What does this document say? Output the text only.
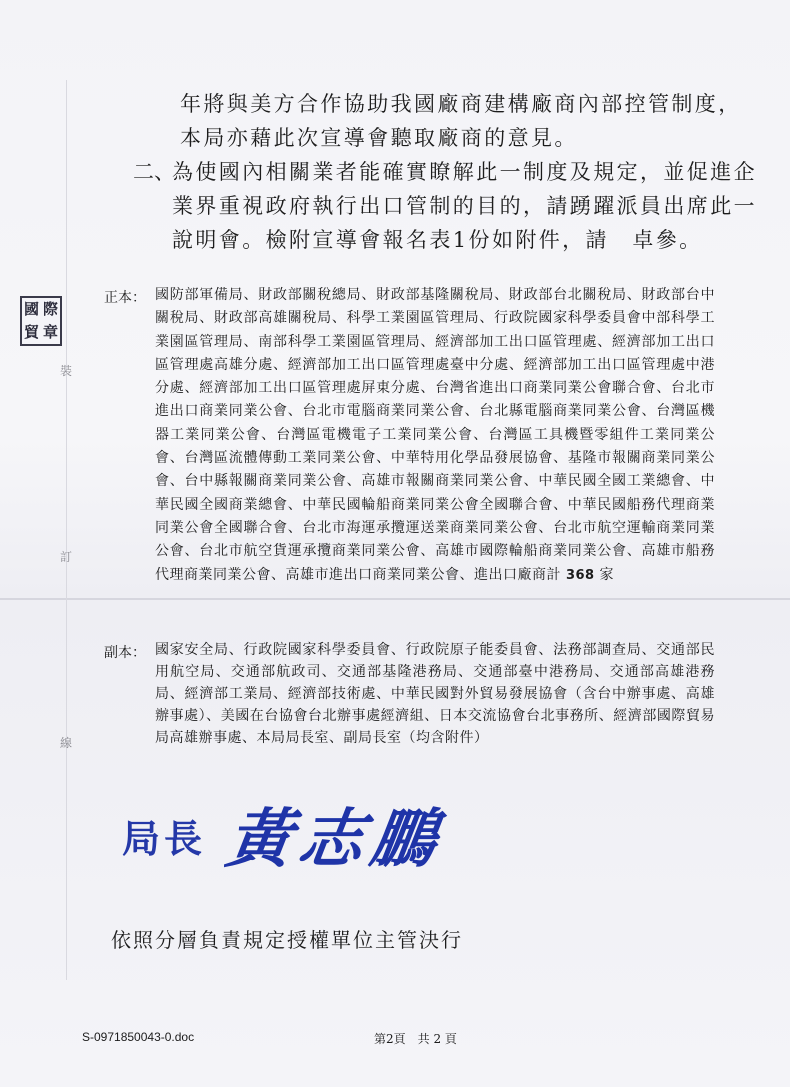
裝
訂
線
國 際
貿 章
年將與美方合作協助我國廠商建構廠商內部控管制度，
本局亦藉此次宣導會聽取廠商的意見。
二、
為使國內相關業者能確實瞭解此一制度及規定，並促進企
業界重視政府執行出口管制的目的，請踴躍派員出席此一
說明會。檢附宣導會報名表1份如附件，請　卓參。
正本： 國防部軍備局、財政部關稅總局、財政部基隆關稅局、財政部台北關稅局、財政部台中關稅局、財政部高雄關稅局、科學工業園區管理局、行政院國家科學委員會中部科學工業園區管理局、南部科學工業園區管理局、經濟部加工出口區管理處、經濟部加工出口區管理處高雄分處、經濟部加工出口區管理處臺中分處、經濟部加工出口區管理處中港分處、經濟部加工出口區管理處屏東分處、台灣省進出口商業同業公會聯合會、台北市進出口商業同業公會、台北市電腦商業同業公會、台北縣電腦商業同業公會、台灣區機器工業同業公會、台灣區電機電子工業同業公會、台灣區工具機暨零組件工業同業公會、台灣區流體傳動工業同業公會、中華特用化學品發展協會、基隆市報關商業同業公會、台中縣報關商業同業公會、高雄市報關商業同業公會、中華民國全國工業總會、中華民國全國商業總會、中華民國輪船商業同業公會全國聯合會、中華民國船務代理商業同業公會全國聯合會、台北市海運承攬運送業商業同業公會、台北市航空運輸商業同業公會、台北市航空貨運承攬商業同業公會、高雄市國際輪船商業同業公會、高雄市船務代理商業同業公會、高雄市進出口商業同業公會、進出口廠商計 368 家
副本： 國家安全局、行政院國家科學委員會、行政院原子能委員會、法務部調查局、交通部民用航空局、交通部航政司、交通部基隆港務局、交通部臺中港務局、交通部高雄港務局、經濟部工業局、經濟部技術處、中華民國對外貿易發展協會（含台中辦事處、高雄辦事處）、美國在台協會台北辦事處經濟組、日本交流協會台北事務所、經濟部國際貿易局高雄辦事處、本局局長室、副局長室（均含附件）
局長 黃志鵬
依照分層負責規定授權單位主管決行
S-0971850043-0.doc	第2頁　共 2 頁
